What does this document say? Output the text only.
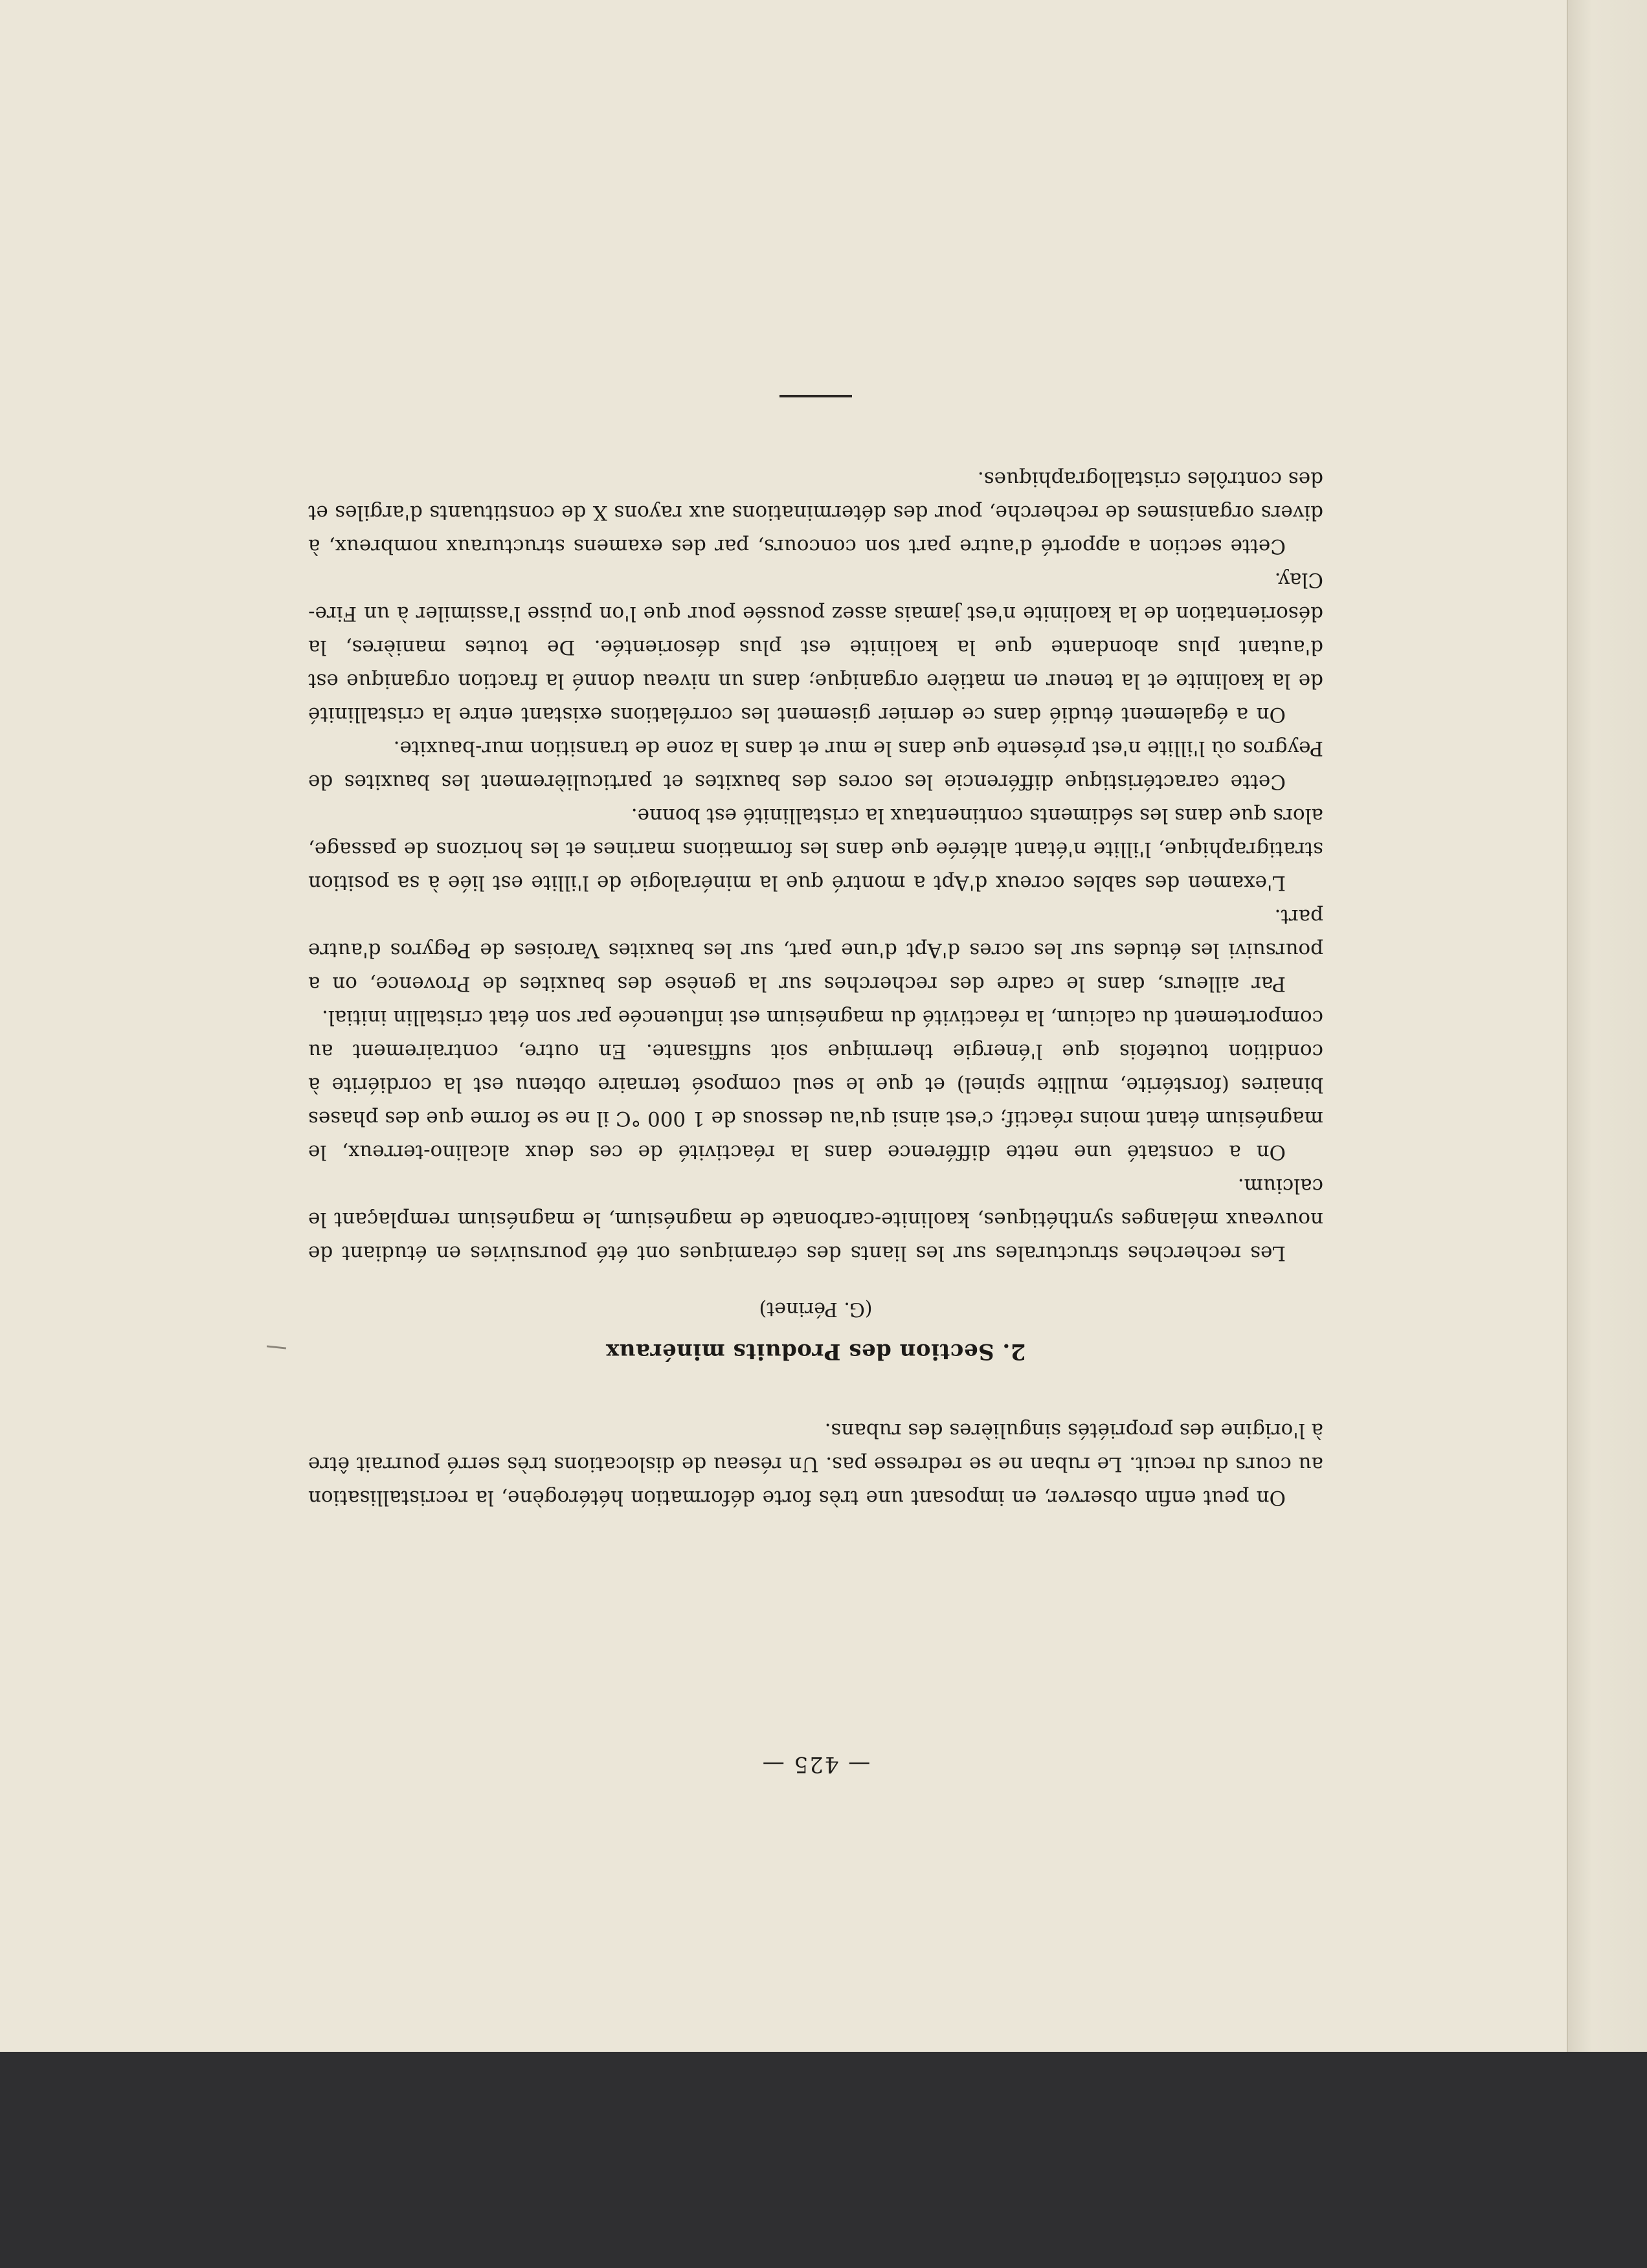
— 425 —

On peut enfin observer, en imposant une très forte déformation hétérogène, la recristallisation au cours du recuit. Le ruban ne se redresse pas. Un réseau de dislocations très serré pourrait être à l'origine des propriétés singulières des rubans.

2. Section des Produits minéraux
(G. Périnet)

Les recherches structurales sur les liants des céramiques ont été poursuivies en étudiant de nouveaux mélanges synthétiques, kaolinite-carbonate de magnésium, le magnésium remplaçant le calcium.

On a constaté une nette différence dans la réactivité de ces deux alcalino-terreux, le magnésium étant moins réactif; c'est ainsi qu'au dessous de 1 000 °C il ne se forme que des phases binaires (forstérite, mullite spinel) et que le seul composé ternaire obtenu est la cordiérite à condition toutefois que l'énergie thermique soit suffisante. En outre, contrairement au comportement du calcium, la réactivité du magnésium est influencée par son état cristallin initial.

Par ailleurs, dans le cadre des recherches sur la genèse des bauxites de Provence, on a poursuivi les études sur les ocres d'Apt d'une part, sur les bauxites Varoises de Pegyros d'autre part.

L'examen des sables ocreux d'Apt a montré que la minéralogie de l'illite est liée à sa position stratigraphique, l'illite n'étant altérée que dans les formations marines et les horizons de passage, alors que dans les sédiments continentaux la cristallinité est bonne.

Cette caractéristique différencie les ocres des bauxites et particulièrement les bauxites de Peygros où l'illite n'est présente que dans le mur et dans la zone de transition mur-bauxite.

On a également étudié dans ce dernier gisement les corrélations existant entre la cristallinité de la kaolinite et la teneur en matière organique; dans un niveau donné la fraction organique est d'autant plus abondante que la kaolinite est plus désorientée. De toutes manières, la désorientation de la kaolinite n'est jamais assez poussée pour que l'on puisse l'assimiler à un Fire-Clay.

Cette section a apporté d'autre part son concours, par des examens structuraux nombreux, à divers organismes de recherche, pour des déterminations aux rayons X de constituants d'argiles et des contrôles cristallographiques.
